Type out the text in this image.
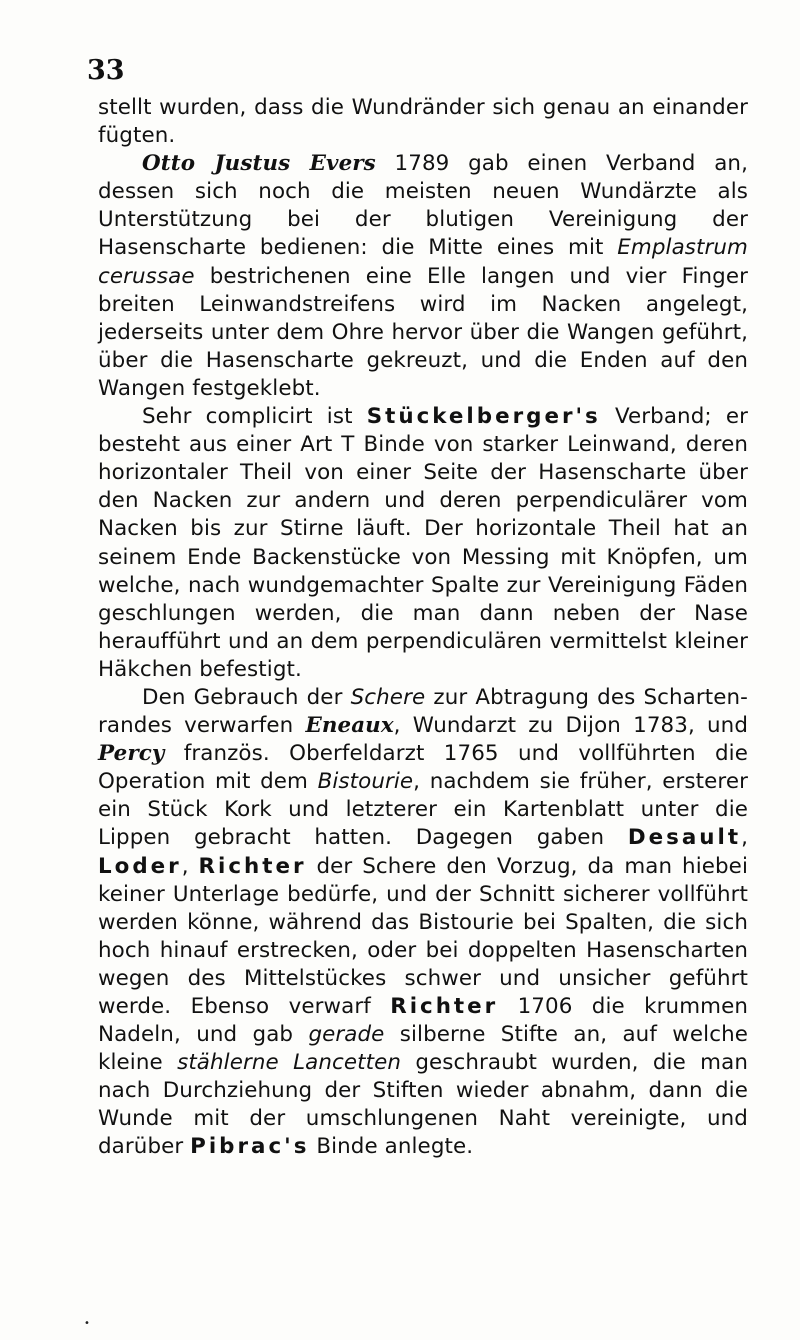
33

stellt wurden, dass die Wundränder sich genau an einander fügten.

Otto Justus Evers 1789 gab einen Verband an, dessen sich noch die meisten neuen Wundärzte als Unterstützung bei der blutigen Vereinigung der Hasenscharte bedienen: die Mitte eines mit Emplastrum cerussae bestrichenen eine Elle langen und vier Finger breiten Leinwandstreifens wird im Nacken angelegt, jederseits unter dem Ohre hervor über die Wangen geführt, über die Hasenscharte gekreuzt, und die Enden auf den Wangen festgeklebt.

Sehr complicirt ist Stückelberger's Verband; er besteht aus einer Art T Binde von starker Leinwand, deren horizontaler Theil von einer Seite der Hasenscharte über den Nacken zur andern und deren perpendiculärer vom Nacken bis zur Stirne läuft. Der horizontale Theil hat an seinem Ende Backenstücke von Messing mit Knöpfen, um welche, nach wundgemachter Spalte zur Vereinigung Fäden geschlungen werden, die man dann neben der Nase heraufführt und an dem perpendiculären vermittelst kleiner Häkchen befestigt.

Den Gebrauch der Schere zur Abtragung des Scharten-randes verwarfen Eneaux, Wundarzt zu Dijon 1783, und Percy französ. Oberfeldarzt 1765 und vollführten die Operation mit dem Bistourie, nachdem sie früher, ersterer ein Stück Kork und letzterer ein Kartenblatt unter die Lippen gebracht hatten. Dagegen gaben Desault, Loder, Richter der Schere den Vorzug, da man hiebei keiner Unterlage bedürfe, und der Schnitt sicherer vollführt werden könne, während das Bistourie bei Spalten, die sich hoch hinauf erstrecken, oder bei doppelten Hasenscharten wegen des Mittelstückes schwer und unsicher geführt werde. Ebenso verwarf Richter 1706 die krummen Nadeln, und gab gerade silberne Stifte an, auf welche kleine stählerne Lancetten geschraubt wurden, die man nach Durchziehung der Stiften wieder abnahm, dann die Wunde mit der umschlungenen Naht vereinigte, und darüber Pibrac's Binde anlegte.

•
